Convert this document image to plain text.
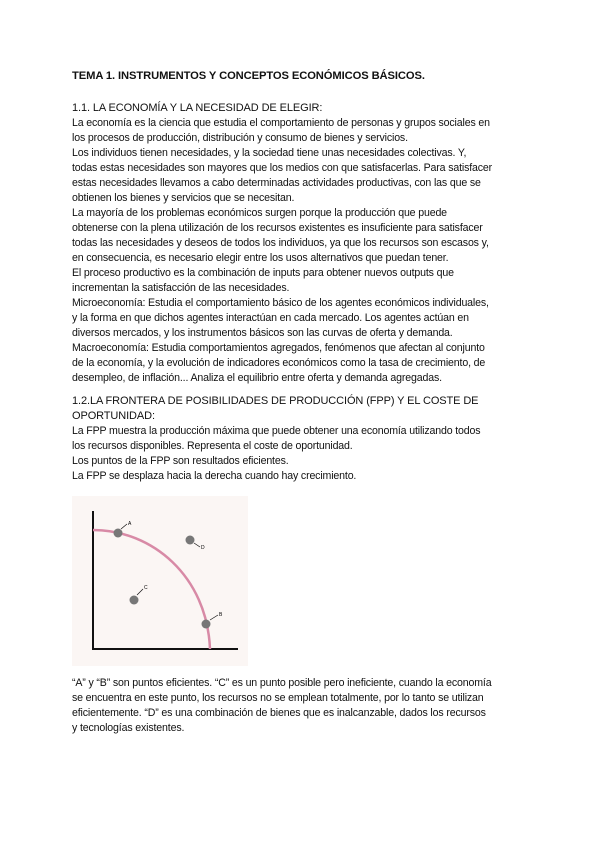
TEMA 1. INSTRUMENTOS Y CONCEPTOS ECONÓMICOS BÁSICOS.
1.1. LA ECONOMÍA Y LA NECESIDAD DE ELEGIR:
La economía es la ciencia que estudia el comportamiento de personas y grupos sociales en
los procesos de producción, distribución y consumo de bienes y servicios.
Los individuos tienen necesidades, y la sociedad tiene unas necesidades colectivas. Y,
todas estas necesidades son mayores que los medios con que satisfacerlas. Para satisfacer
estas necesidades llevamos a cabo determinadas actividades productivas, con las que se
obtienen los bienes y servicios que se necesitan.
La mayoría de los problemas económicos surgen porque la producción que puede
obtenerse con la plena utilización de los recursos existentes es insuficiente para satisfacer
todas las necesidades y deseos de todos los individuos, ya que los recursos son escasos y,
en consecuencia, es necesario elegir entre los usos alternativos que puedan tener.
El proceso productivo es la combinación de inputs para obtener nuevos outputs que
incrementan la satisfacción de las necesidades.
Microeconomía: Estudia el comportamiento básico de los agentes económicos individuales,
y la forma en que dichos agentes interactúan en cada mercado. Los agentes actúan en
diversos mercados, y los instrumentos básicos son las curvas de oferta y demanda.
Macroeconomía: Estudia comportamientos agregados, fenómenos que afectan al conjunto
de la economía, y la evolución de indicadores económicos como la tasa de crecimiento, de
desempleo, de inflación... Analiza el equilibrio entre oferta y demanda agregadas.
1.2.LA FRONTERA DE POSIBILIDADES DE PRODUCCIÓN (FPP) Y EL COSTE DE
OPORTUNIDAD:
La FPP muestra la producción máxima que puede obtener una economía utilizando todos
los recursos disponibles. Representa el coste de oportunidad.
Los puntos de la FPP son resultados eficientes.
La FPP se desplaza hacia la derecha cuando hay crecimiento.
A
D
C
B
“A” y “B” son puntos eficientes. “C” es un punto posible pero ineficiente, cuando la economía
se encuentra en este punto, los recursos no se emplean totalmente, por lo tanto se utilizan
eficientemente. “D” es una combinación de bienes que es inalcanzable, dados los recursos
y tecnologías existentes.
